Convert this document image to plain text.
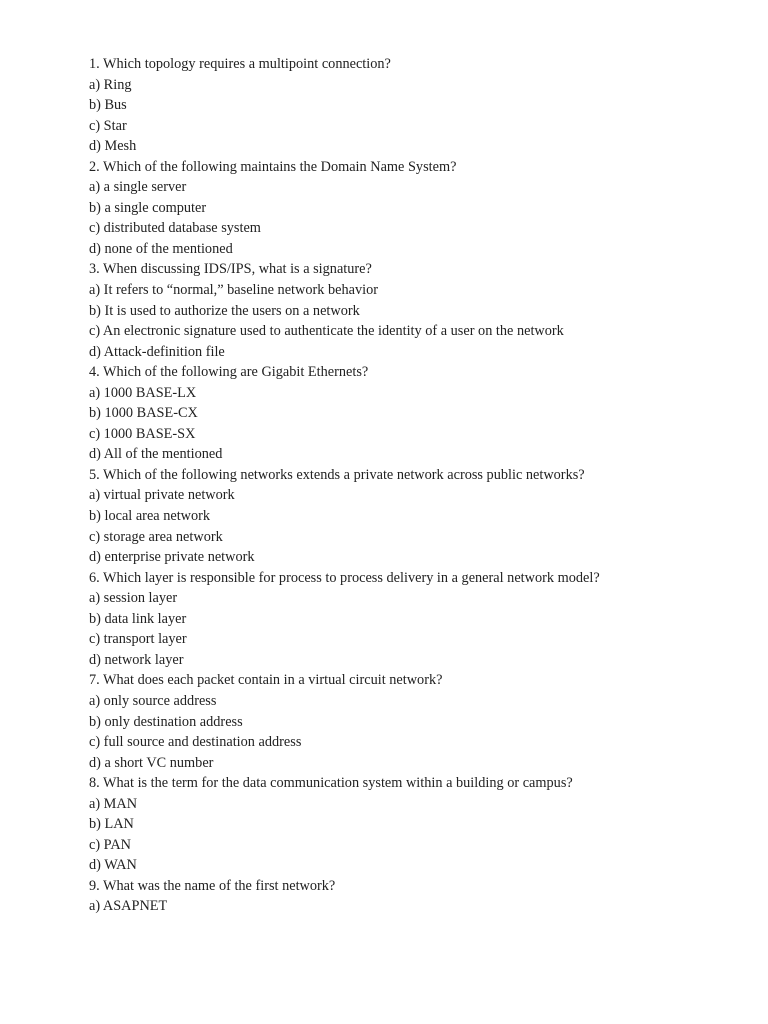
1. Which topology requires a multipoint connection?
a) Ring
b) Bus
c) Star
d) Mesh
2. Which of the following maintains the Domain Name System?
a) a single server
b) a single computer
c) distributed database system
d) none of the mentioned
3. When discussing IDS/IPS, what is a signature?
a) It refers to “normal,” baseline network behavior
b) It is used to authorize the users on a network
c) An electronic signature used to authenticate the identity of a user on the network
d) Attack-definition file
4. Which of the following are Gigabit Ethernets?
a) 1000 BASE-LX
b) 1000 BASE-CX
c) 1000 BASE-SX
d) All of the mentioned
5. Which of the following networks extends a private network across public networks?
a) virtual private network
b) local area network
c) storage area network
d) enterprise private network
6. Which layer is responsible for process to process delivery in a general network model?
a) session layer
b) data link layer
c) transport layer
d) network layer
7. What does each packet contain in a virtual circuit network?
a) only source address
b) only destination address
c) full source and destination address
d) a short VC number
8. What is the term for the data communication system within a building or campus?
a) MAN
b) LAN
c) PAN
d) WAN
9. What was the name of the first network?
a) ASAPNET
